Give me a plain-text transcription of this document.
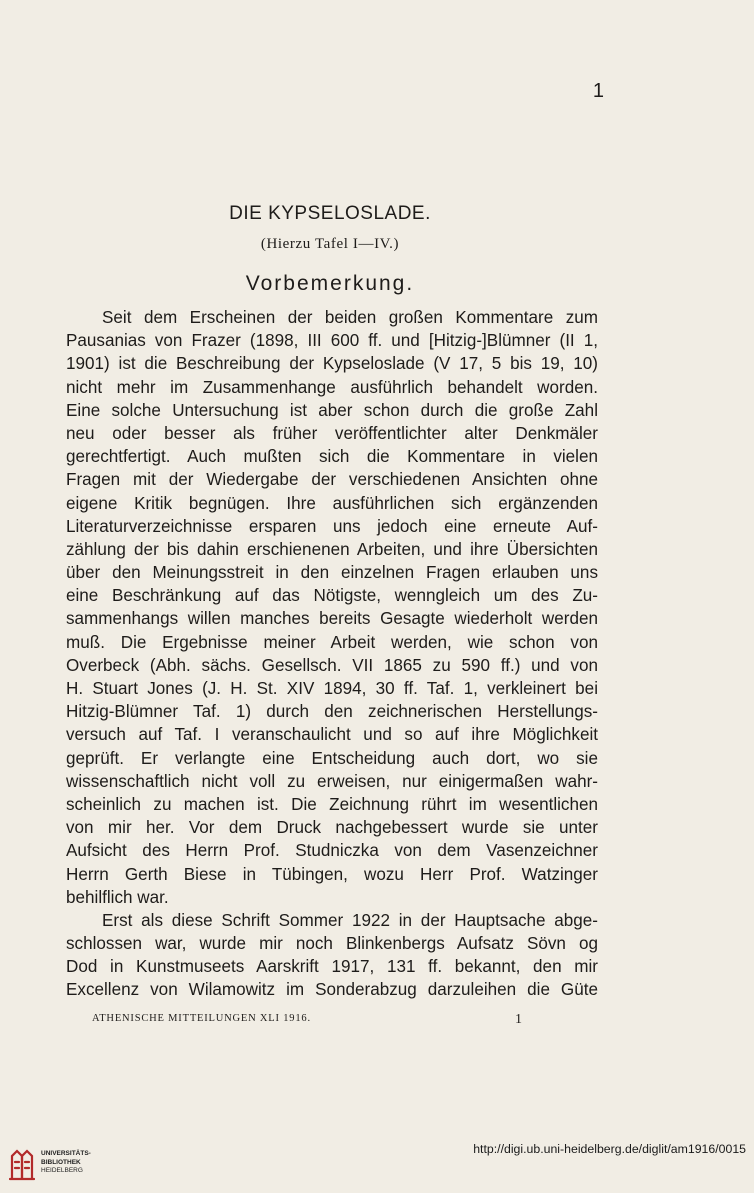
1
DIE KYPSELOSLADE.
(Hierzu Tafel I—IV.)
Vorbemerkung.
Seit dem Erscheinen der beiden großen Kommentare zum
Pausanias von Frazer (1898, III 600 ff. und [Hitzig-]Blümner (II 1,
1901) ist die Beschreibung der Kypseloslade (V 17, 5 bis 19, 10)
nicht mehr im Zusammenhange ausführlich behandelt worden.
Eine solche Untersuchung ist aber schon durch die große Zahl
neu oder besser als früher veröffentlichter alter Denkmäler
gerechtfertigt. Auch mußten sich die Kommentare in vielen
Fragen mit der Wiedergabe der verschiedenen Ansichten ohne
eigene Kritik begnügen. Ihre ausführlichen sich ergänzenden
Literaturverzeichnisse ersparen uns jedoch eine erneute Auf-
zählung der bis dahin erschienenen Arbeiten, und ihre Übersichten
über den Meinungsstreit in den einzelnen Fragen erlauben uns
eine Beschränkung auf das Nötigste, wenngleich um des Zu-
sammenhangs willen manches bereits Gesagte wiederholt werden
muß. Die Ergebnisse meiner Arbeit werden, wie schon von
Overbeck (Abh. sächs. Gesellsch. VII 1865 zu 590 ff.) und von
H. Stuart Jones (J. H. St. XIV 1894, 30 ff. Taf. 1, verkleinert bei
Hitzig-Blümner Taf. 1) durch den zeichnerischen Herstellungs-
versuch auf Taf. I veranschaulicht und so auf ihre Möglichkeit
geprüft. Er verlangte eine Entscheidung auch dort, wo sie
wissenschaftlich nicht voll zu erweisen, nur einigermaßen wahr-
scheinlich zu machen ist. Die Zeichnung rührt im wesentlichen
von mir her. Vor dem Druck nachgebessert wurde sie unter
Aufsicht des Herrn Prof. Studniczka von dem Vasenzeichner
Herrn Gerth Biese in Tübingen, wozu Herr Prof. Watzinger
behilflich war.
Erst als diese Schrift Sommer 1922 in der Hauptsache abge-
schlossen war, wurde mir noch Blinkenbergs Aufsatz Sövn og
Dod in Kunstmuseets Aarskrift 1917, 131 ff. bekannt, den mir
Excellenz von Wilamowitz im Sonderabzug darzuleihen die Güte
ATHENISCHE MITTEILUNGEN XLI 1916.	1
UNIVERSITÄTS-
BIBLIOTHEK
HEIDELBERG
http://digi.ub.uni-heidelberg.de/diglit/am1916/0015
